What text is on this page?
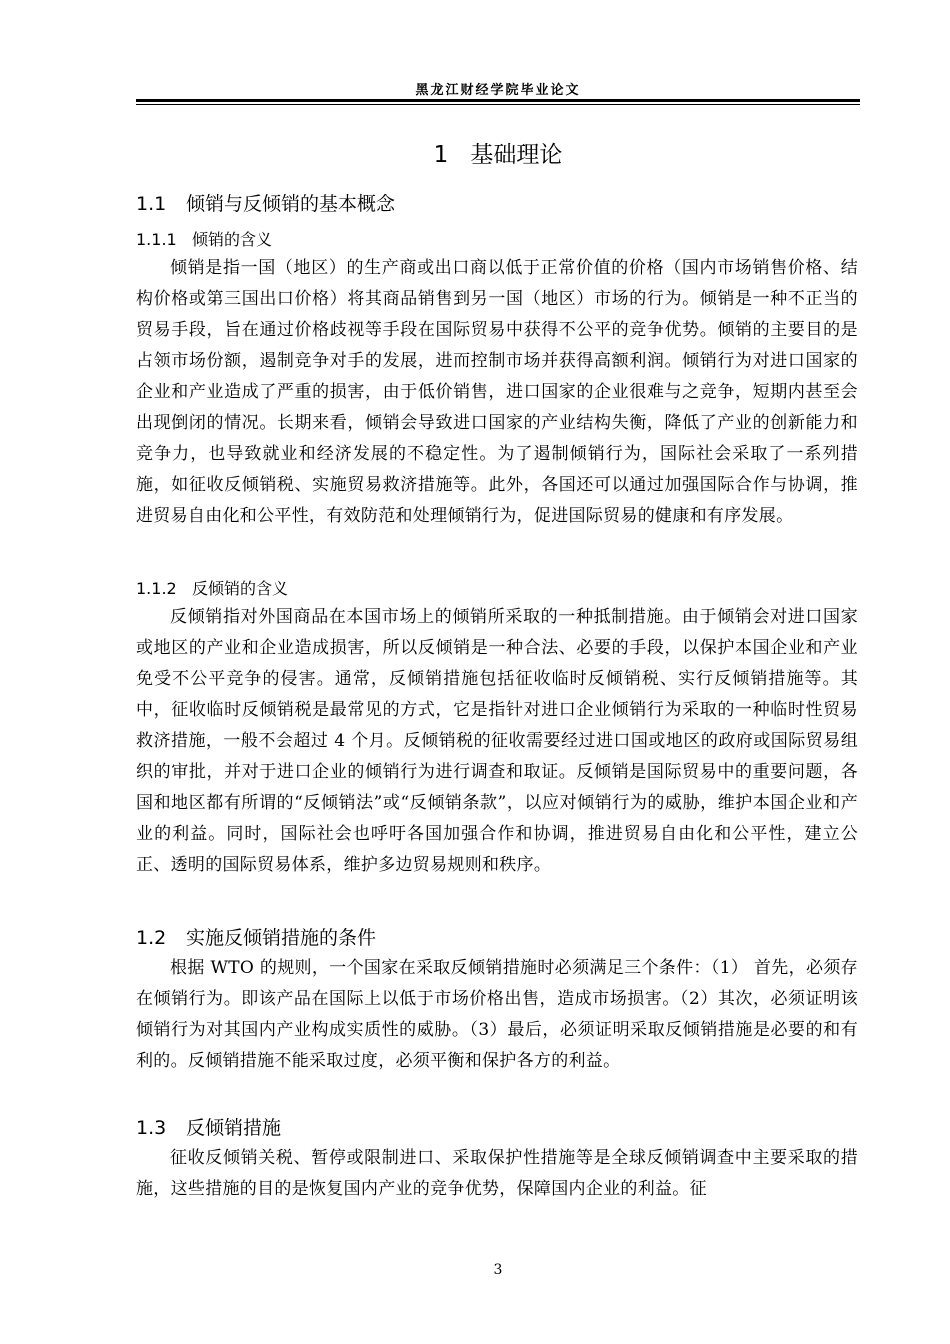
黑龙江财经学院毕业论文
1 基础理论
1.1 倾销与反倾销的基本概念
1.1.1 倾销的含义

倾销是指一国（地区）的生产商或出口商以低于正常价值的价格（国内市场销售价格、结构价格或第三国出口价格）将其商品销售到另一国（地区）市场的行为。倾销是一种不正当的贸易手段，旨在通过价格歧视等手段在国际贸易中获得不公平的竞争优势。倾销的主要目的是占领市场份额，遏制竞争对手的发展，进而控制市场并获得高额利润。倾销行为对进口国家的企业和产业造成了严重的损害，由于低价销售，进口国家的企业很难与之竞争，短期内甚至会出现倒闭的情况。长期来看，倾销会导致进口国家的产业结构失衡，降低了产业的创新能力和竞争力，也导致就业和经济发展的不稳定性。为了遏制倾销行为，国际社会采取了一系列措施，如征收反倾销税、实施贸易救济措施等。此外，各国还可以通过加强国际合作与协调，推进贸易自由化和公平性，有效防范和处理倾销行为，促进国际贸易的健康和有序发展。

1.1.2 反倾销的含义

反倾销指对外国商品在本国市场上的倾销所采取的一种抵制措施。由于倾销会对进口国家或地区的产业和企业造成损害，所以反倾销是一种合法、必要的手段，以保护本国企业和产业免受不公平竞争的侵害。通常，反倾销措施包括征收临时反倾销税、实行反倾销措施等。其中，征收临时反倾销税是最常见的方式，它是指针对进口企业倾销行为采取的一种临时性贸易救济措施，一般不会超过 4 个月。反倾销税的征收需要经过进口国或地区的政府或国际贸易组织的审批，并对于进口企业的倾销行为进行调查和取证。反倾销是国际贸易中的重要问题，各国和地区都有所谓的“反倾销法”或“反倾销条款”，以应对倾销行为的威胁，维护本国企业和产业的利益。同时，国际社会也呼吁各国加强合作和协调，推进贸易自由化和公平性，建立公正、透明的国际贸易体系，维护多边贸易规则和秩序。

1.2 实施反倾销措施的条件

根据 WTO 的规则，一个国家在采取反倾销措施时必须满足三个条件：（1） 首先，必须存在倾销行为。即该产品在国际上以低于市场价格出售，造成市场损害。（2）其次，必须证明该倾销行为对其国内产业构成实质性的威胁。（3）最后，必须证明采取反倾销措施是必要的和有利的。反倾销措施不能采取过度，必须平衡和保护各方的利益。

1.3 反倾销措施

征收反倾销关税、暂停或限制进口、采取保护性措施等是全球反倾销调查中主要采取的措施，这些措施的目的是恢复国内产业的竞争优势，保障国内企业的利益。征

3
